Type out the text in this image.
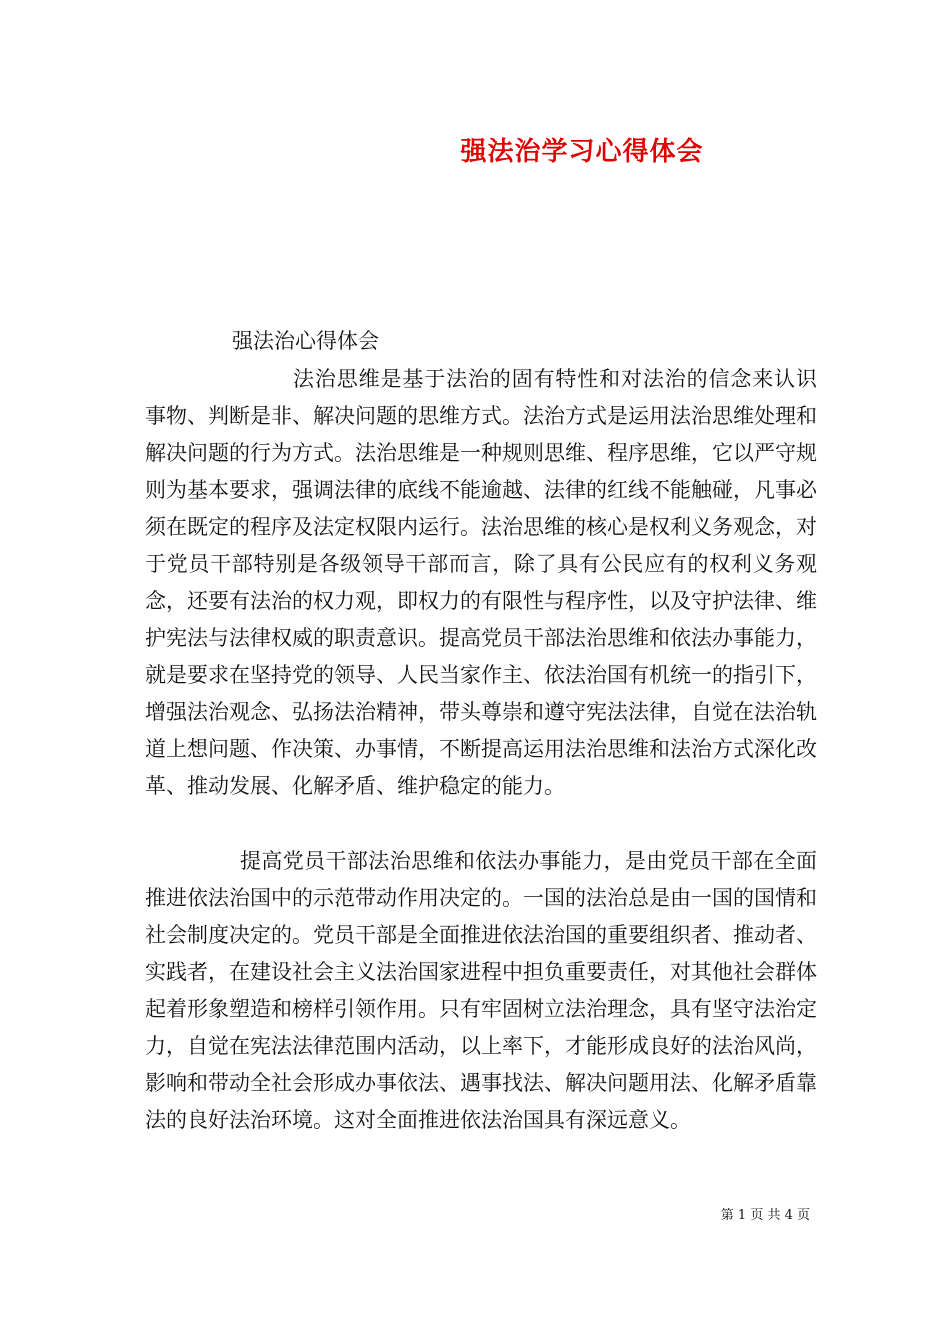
强法治学习心得体会

强法治心得体会

法治思维是基于法治的固有特性和对法治的信念来认识事物、判断是非、解决问题的思维方式。法治方式是运用法治思维处理和解决问题的行为方式。法治思维是一种规则思维、程序思维，它以严守规则为基本要求，强调法律的底线不能逾越、法律的红线不能触碰，凡事必须在既定的程序及法定权限内运行。法治思维的核心是权利义务观念，对于党员干部特别是各级领导干部而言，除了具有公民应有的权利义务观念，还要有法治的权力观，即权力的有限性与程序性，以及守护法律、维护宪法与法律权威的职责意识。提高党员干部法治思维和依法办事能力，就是要求在坚持党的领导、人民当家作主、依法治国有机统一的指引下，增强法治观念、弘扬法治精神，带头尊崇和遵守宪法法律，自觉在法治轨道上想问题、作决策、办事情，不断提高运用法治思维和法治方式深化改革、推动发展、化解矛盾、维护稳定的能力。

提高党员干部法治思维和依法办事能力，是由党员干部在全面推进依法治国中的示范带动作用决定的。一国的法治总是由一国的国情和社会制度决定的。党员干部是全面推进依法治国的重要组织者、推动者、实践者，在建设社会主义法治国家进程中担负重要责任，对其他社会群体起着形象塑造和榜样引领作用。只有牢固树立法治理念，具有坚守法治定力，自觉在宪法法律范围内活动，以上率下，才能形成良好的法治风尚，影响和带动全社会形成办事依法、遇事找法、解决问题用法、化解矛盾靠法的良好法治环境。这对全面推进依法治国具有深远意义。

第 1 页 共 4 页
